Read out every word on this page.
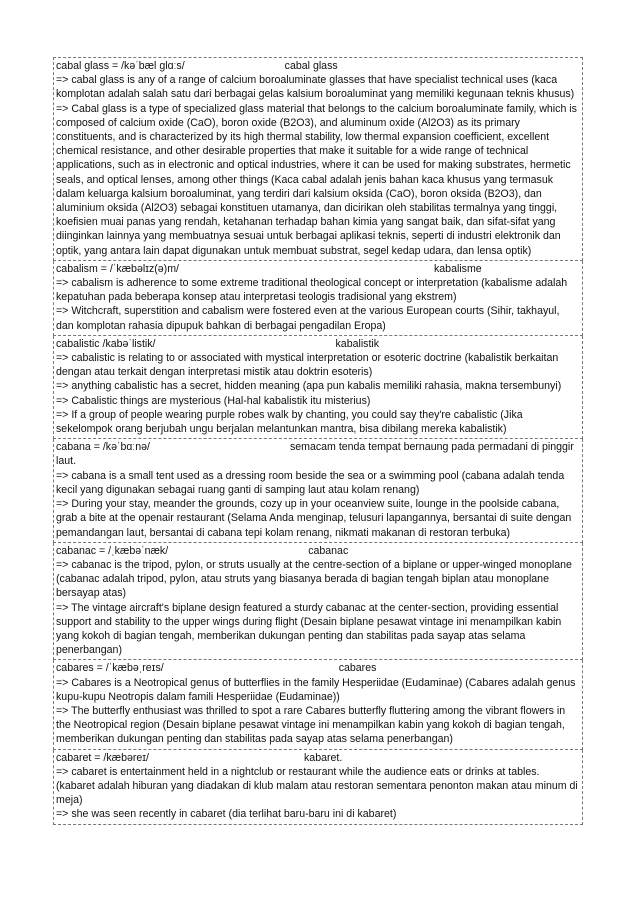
cabal glass = /kəˈbæl ɡlɑːs/	cabal glass
=> cabal glass is any of a range of calcium boroaluminate glasses that have specialist technical uses (kaca komplotan adalah salah satu dari berbagai gelas kalsium boroaluminat yang memiliki kegunaan teknis khusus)
=> Cabal glass is a type of specialized glass material that belongs to the calcium boroaluminate family, which is composed of calcium oxide (CaO), boron oxide (B2O3), and aluminum oxide (Al2O3) as its primary constituents, and is characterized by its high thermal stability, low thermal expansion coefficient, excellent chemical resistance, and other desirable properties that make it suitable for a wide range of technical applications, such as in electronic and optical industries, where it can be used for making substrates, hermetic seals, and optical lenses, among other things (Kaca cabal adalah jenis bahan kaca khusus yang termasuk dalam keluarga kalsium boroaluminat, yang terdiri dari kalsium oksida (CaO), boron oksida (B2O3), dan aluminium oksida (Al2O3) sebagai konstituen utamanya, dan dicirikan oleh stabilitas termalnya yang tinggi, koefisien muai panas yang rendah, ketahanan terhadap bahan kimia yang sangat baik, dan sifat-sifat yang diinginkan lainnya yang membuatnya sesuai untuk berbagai aplikasi teknis, seperti di industri elektronik dan optik, yang antara lain dapat digunakan untuk membuat substrat, segel kedap udara, dan lensa optik)
cabalism = /ˈkæbəlɪz(ə)m/	kabalisme
=> cabalism is adherence to some extreme traditional theological concept or interpretation (kabalisme adalah kepatuhan pada beberapa konsep atau interpretasi teologis tradisional yang ekstrem)
=> Witchcraft, superstition and cabalism were fostered even at the various European courts (Sihir, takhayul, dan komplotan rahasia dipupuk bahkan di berbagai pengadilan Eropa)
cabalistic /kabəˈlistik/	kabalistik
=> cabalistic is relating to or associated with mystical interpretation or esoteric doctrine (kabalistik berkaitan dengan atau terkait dengan interpretasi mistik atau doktrin esoteris)
=> anything cabalistic has a secret, hidden meaning (apa pun kabalis memiliki rahasia, makna tersembunyi)
=> Cabalistic things are mysterious (Hal-hal kabalistik itu misterius)
=> If a group of people wearing purple robes walk by chanting, you could say they're cabalistic (Jika sekelompok orang berjubah ungu berjalan melantunkan mantra, bisa dibilang mereka kabalistik)
cabana = /kəˈbɑːnə/	semacam tenda tempat bernaung pada permadani di pinggir laut.
=> cabana is a small tent used as a dressing room beside the sea or a swimming pool (cabana adalah tenda kecil yang digunakan sebagai ruang ganti di samping laut atau kolam renang)
=> During your stay, meander the grounds, cozy up in your oceanview suite, lounge in the poolside cabana, grab a bite at the openair restaurant (Selama Anda menginap, telusuri lapangannya, bersantai di suite dengan pemandangan laut, bersantai di cabana tepi kolam renang, nikmati makanan di restoran terbuka)
cabanac = /ˌkæbəˈnæk/	cabanac
=> cabanac is the tripod, pylon, or struts usually at the centre-section of a biplane or upper-winged monoplane (cabanac adalah tripod, pylon, atau struts yang biasanya berada di bagian tengah biplan atau monoplane bersayap atas)
=> The vintage aircraft's biplane design featured a sturdy cabanac at the center-section, providing essential support and stability to the upper wings during flight (Desain biplane pesawat vintage ini menampilkan kabin yang kokoh di bagian tengah, memberikan dukungan penting dan stabilitas pada sayap atas selama penerbangan)
cabares = /ˈkæbəˌreɪs/	cabares
=> Cabares is a Neotropical genus of butterflies in the family Hesperiidae (Eudaminae) (Cabares adalah genus kupu-kupu Neotropis dalam famili Hesperiidae (Eudaminae))
=> The butterfly enthusiast was thrilled to spot a rare Cabares butterfly fluttering among the vibrant flowers in the Neotropical region (Desain biplane pesawat vintage ini menampilkan kabin yang kokoh di bagian tengah, memberikan dukungan penting dan stabilitas pada sayap atas selama penerbangan)
cabaret = /kæbəreɪ/	kabaret.
=> cabaret is entertainment held in a nightclub or restaurant while the audience eats or drinks at tables. (kabaret adalah hiburan yang diadakan di klub malam atau restoran sementara penonton makan atau minum di meja)
=> she was seen recently in cabaret (dia terlihat baru-baru ini di kabaret)
